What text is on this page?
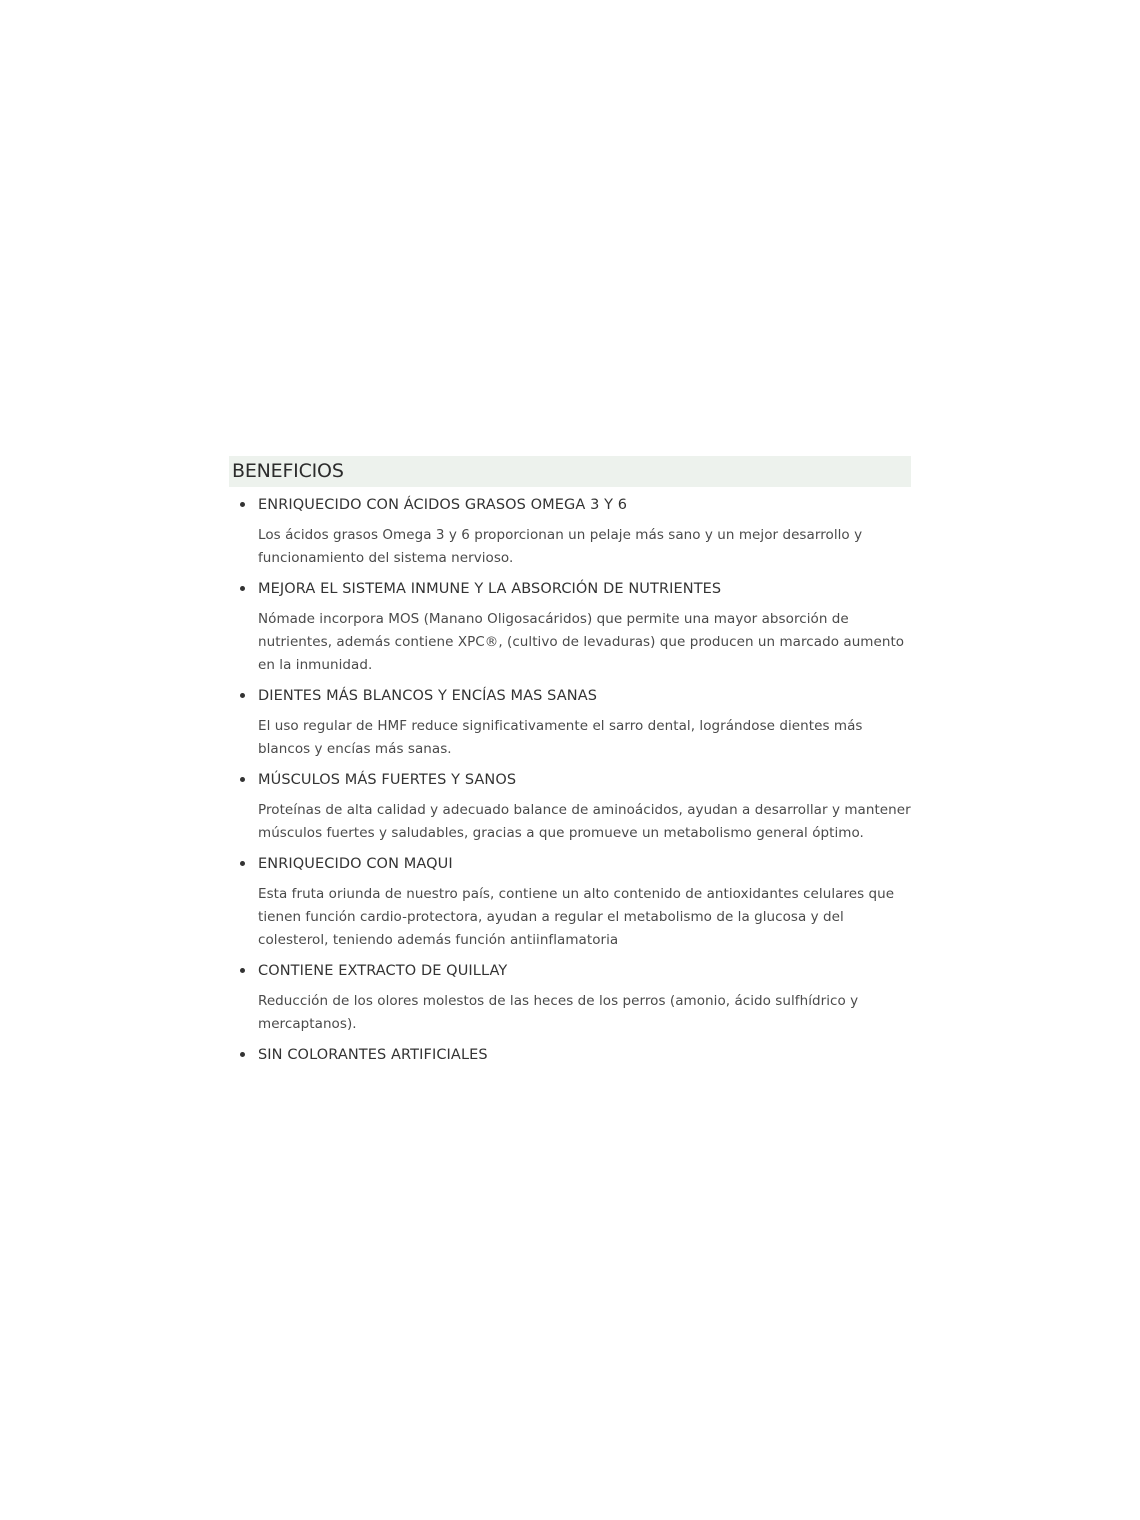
BENEFICIOS
ENRIQUECIDO CON ÁCIDOS GRASOS OMEGA 3 Y 6
Los ácidos grasos Omega 3 y 6 proporcionan un pelaje más sano y un mejor desarrollo y funcionamiento del sistema nervioso.
MEJORA EL SISTEMA INMUNE Y LA ABSORCIÓN DE NUTRIENTES
Nómade incorpora MOS (Manano Oligosacáridos) que permite una mayor absorción de nutrientes, además contiene XPC®, (cultivo de levaduras) que producen un marcado aumento en la inmunidad.
DIENTES MÁS BLANCOS Y ENCÍAS MAS SANAS
El uso regular de HMF reduce significativamente el sarro dental, lográndose dientes más blancos y encías más sanas.
MÚSCULOS MÁS FUERTES Y SANOS
Proteínas de alta calidad y adecuado balance de aminoácidos, ayudan a desarrollar y mantener músculos fuertes y saludables, gracias a que promueve un metabolismo general óptimo.
ENRIQUECIDO CON MAQUI
Esta fruta oriunda de nuestro país, contiene un alto contenido de antioxidantes celulares que tienen función cardio-protectora, ayudan a regular el metabolismo de la glucosa y del colesterol, teniendo además función antiinflamatoria
CONTIENE EXTRACTO DE QUILLAY
Reducción de los olores molestos de las heces de los perros (amonio, ácido sulfhídrico y mercaptanos).
SIN COLORANTES ARTIFICIALES
